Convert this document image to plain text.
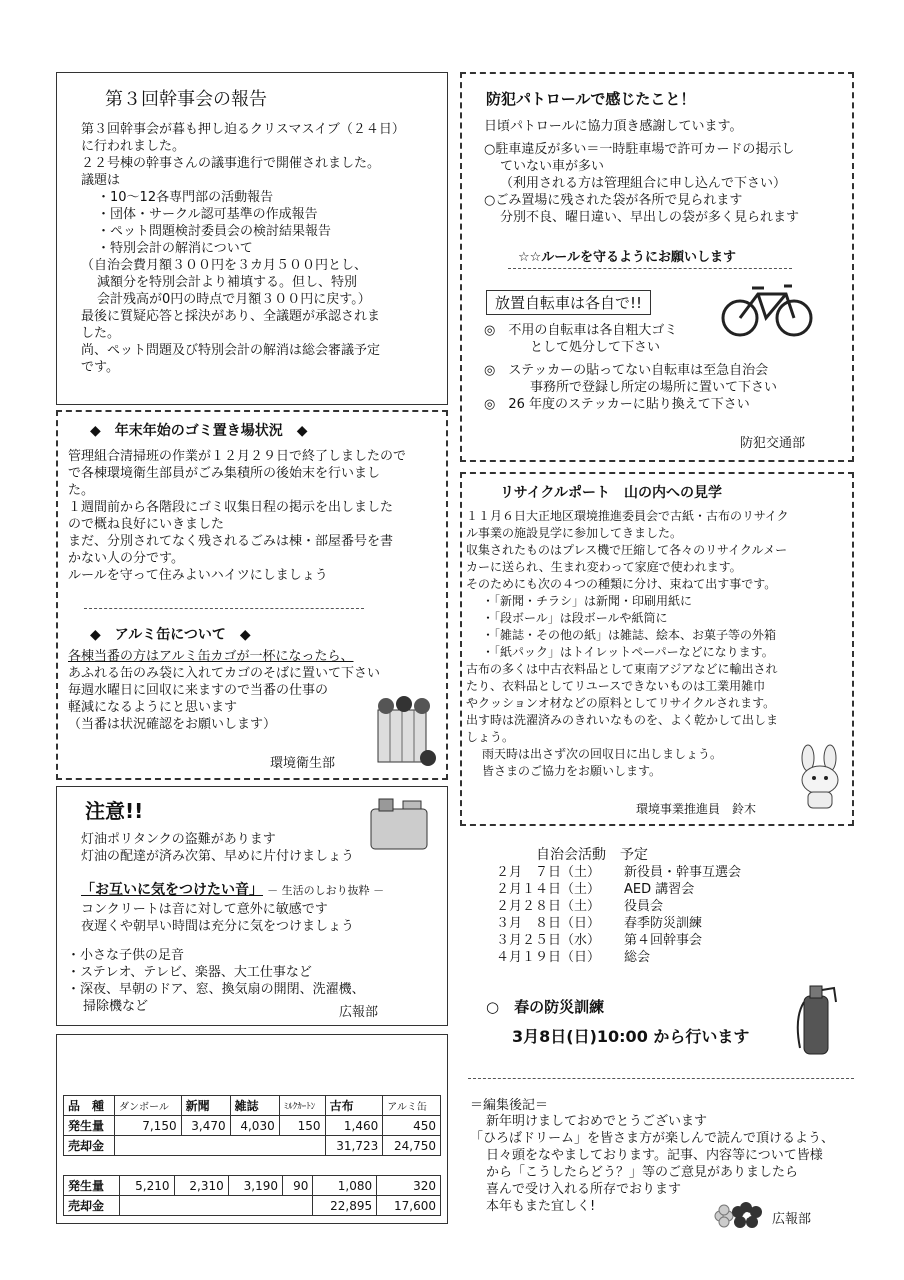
第３回幹事会の報告
第３回幹事会が暮も押し迫るクリスマスイブ（２４日）
に行われました。
２２号棟の幹事さんの議事進行で開催されました。
議題は
・10～12各専門部の活動報告
・団体・サークル認可基準の作成報告
・ペット問題検討委員会の検討結果報告
・特別会計の解消について
（自治会費月額３００円を３カ月５００円とし、
減額分を特別会計より補填する。但し、特別
会計残高が0円の時点で月額３００円に戻す。）
最後に質疑応答と採決があり、全議題が承認されま
した。
尚、ペット問題及び特別会計の解消は総会審議予定
です。
◆　年末年始のゴミ置き場状況　◆
管理組合清掃班の作業が１２月２９日で終了しましたので
で各棟環境衛生部員がごみ集積所の後始末を行いまし
た。
１週間前から各階段にゴミ収集日程の掲示を出しました
ので概ね良好にいきました
まだ、分別されてなく残されるごみは棟・部屋番号を書
かない人の分です。
ルールを守って住みよいハイツにしましょう
◆　アルミ缶について　◆
各棟当番の方はアルミ缶カゴが一杯になったら、
あふれる缶のみ袋に入れてカゴのそばに置いて下さい
毎週水曜日に回収に来ますので当番の仕事の
軽減になるようにと思います
（当番は状況確認をお願いします）
環境衛生部
注意!!
灯油ポリタンクの盗難があります
灯油の配達が済み次第、早めに片付けましょう
「お互いに気をつけたい音」 － 生活のしおり抜粋 －
コンクリートは音に対して意外に敏感です
夜遅くや朝早い時間は充分に気をつけましょう
・小さな子供の足音
・ステレオ、テレビ、楽器、大工仕事など
・深夜、早朝のドア、窓、換気扇の開閉、洗濯機、
掃除機など	広報部
品　種	ダンボール	新聞	雑誌	ﾐﾙｸｶｰﾄﾝ	古布	アルミ缶
発生量	7,150	3,470	4,030	150	1,460	450
売却金					31,723	24,750
発生量	5,210	2,310	3,190	90	1,080	320
売却金					22,895	17,600
防犯パトロールで感じたこと！
日頃パトロールに協力頂き感謝しています。
○駐車違反が多い＝一時駐車場で許可カードの掲示し
ていない車が多い
（利用される方は管理組合に申し込んで下さい）
○ごみ置場に残された袋が各所で見られます
分別不良、曜日違い、早出しの袋が多く見られます
☆☆ルールを守るようにお願いします
放置自転車は各自で!!
◎　不用の自転車は各自粗大ゴミ
として処分して下さい
◎　ステッカーの貼ってない自転車は至急自治会
事務所で登録し所定の場所に置いて下さい
◎　26 年度のステッカーに貼り換えて下さい
防犯交通部
リサイクルポート　山の内への見学
１１月６日大正地区環境推進委員会で古紙・古布のリサイク
ル事業の施設見学に参加してきました。
収集されたものはプレス機で圧縮して各々のリサイクルメー
カーに送られ、生まれ変わって家庭で使われます。
そのためにも次の４つの種類に分け、束ねて出す事です。
・「新聞・チラシ」は新聞・印刷用紙に
・「段ボール」は段ボールや紙筒に
・「雑誌・その他の紙」は雑誌、絵本、お菓子等の外箱
・「紙パック」はトイレットペーパーなどになります。
古布の多くは中古衣料品として東南アジアなどに輸出され
たり、衣料品としてリユースできないものは工業用雑巾
やクッションオ材などの原料としてリサイクルされます。
出す時は洗濯済みのきれいなものを、よく乾かして出しま
しょう。
雨天時は出さず次の回収日に出しましょう。
皆さまのご協力をお願いします。
環境事業推進員　鈴木
自治会活動　予定
２月　７日（土） 新役員・幹事互選会
２月１４日（土） AED 講習会
２月２８日（土） 役員会
３月　８日（日） 春季防災訓練
３月２５日（水） 第４回幹事会
４月１９日（日） 総会
○　春の防災訓練
3月8日(日)10:00 から行います
＝編集後記＝
新年明けましておめでとうございます
「ひろばドリーム」を皆さま方が楽しんで読んで頂けるよう、
日々頭をなやましております。記事、内容等について皆様
から「こうしたらどう？」等のご意見がありましたら
喜んで受け入れる所存でおります
本年もまた宜しく!
広報部
